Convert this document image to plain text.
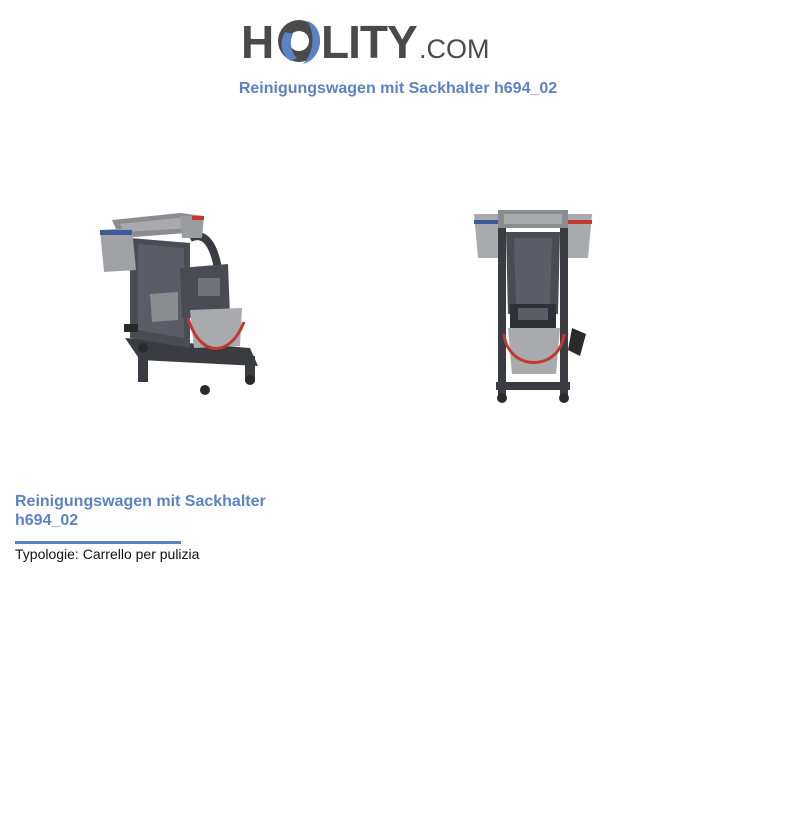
H LITY .COM
Reinigungswagen mit Sackhalter h694_02
Reinigungswagen mit Sackhalter
h694_02
Typologie: Carrello per pulizia
